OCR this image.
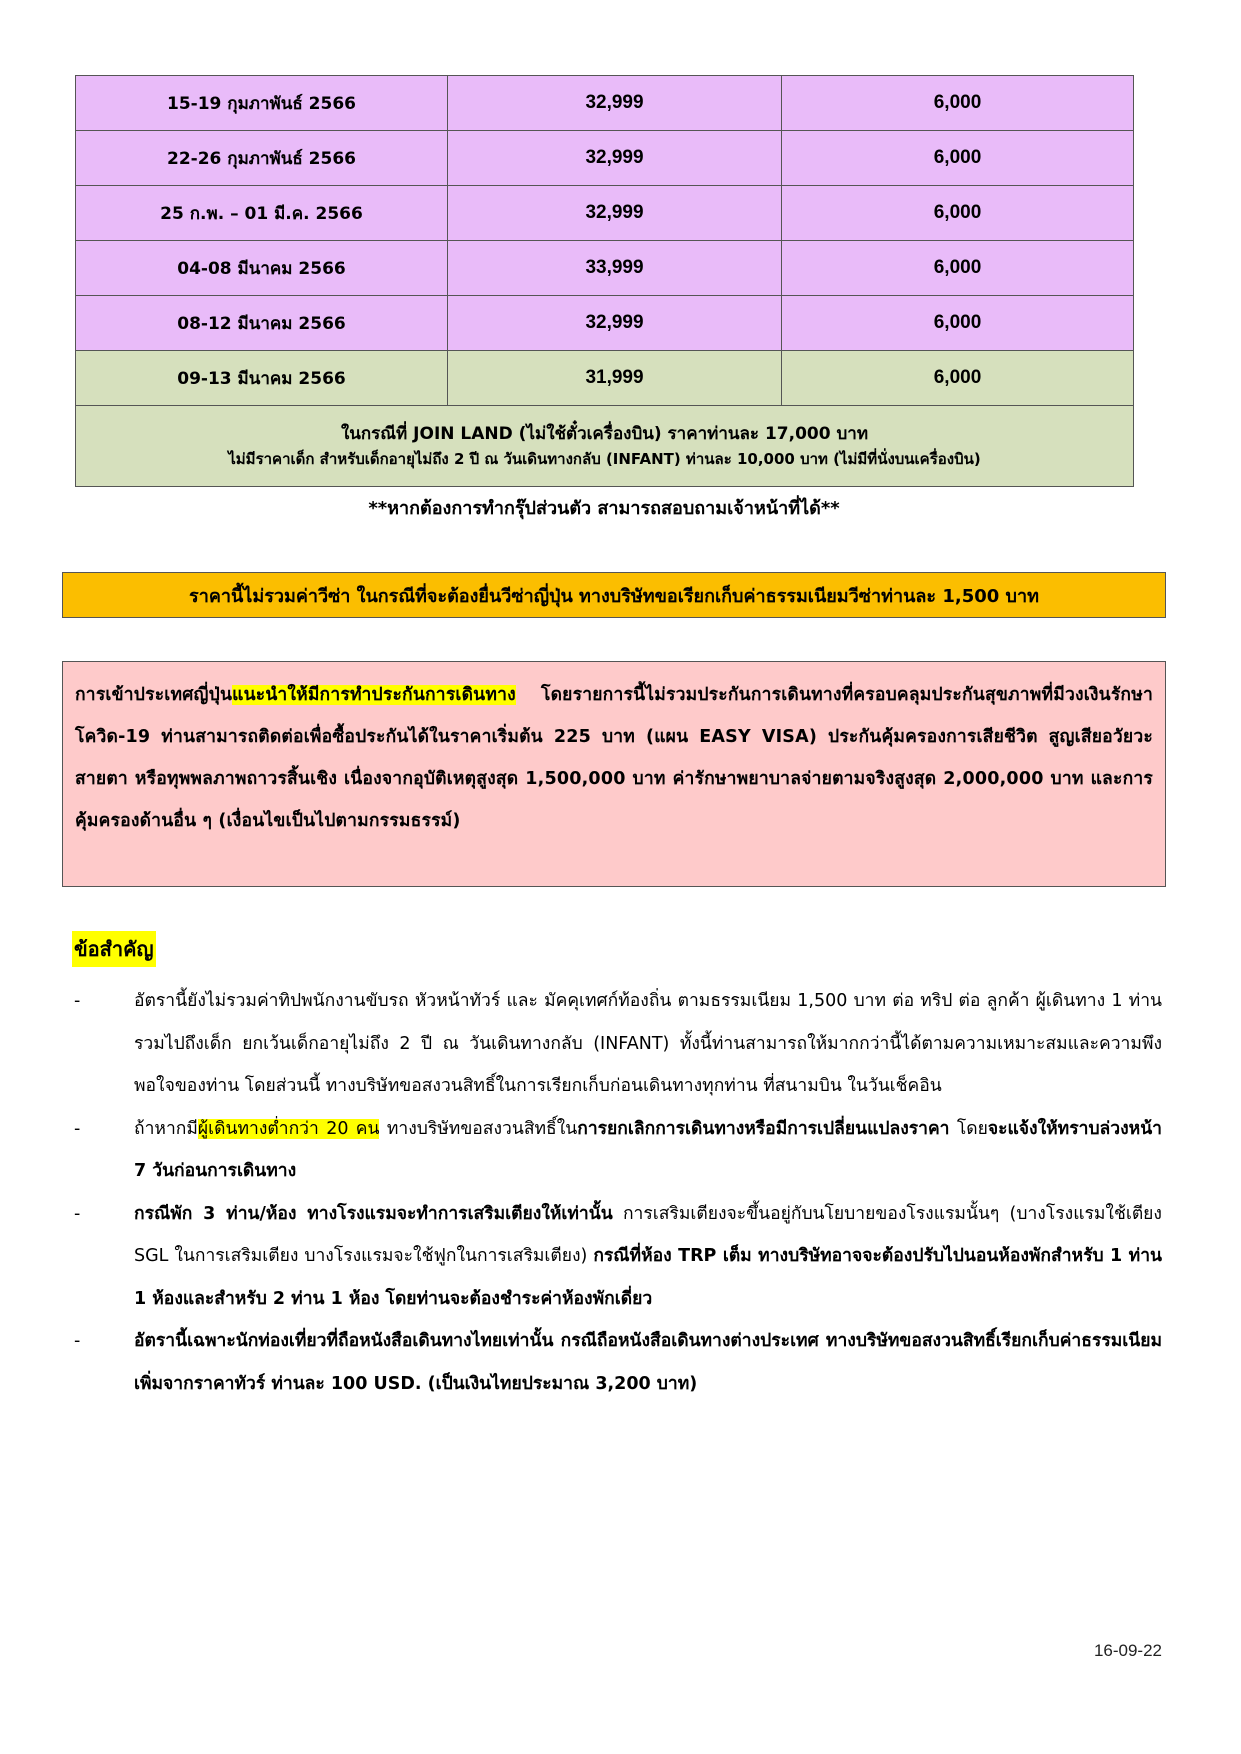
15-19 กุมภาพันธ์ 2566	32,999	6,000
22-26 กุมภาพันธ์ 2566	32,999	6,000
25 ก.พ. – 01 มี.ค. 2566	32,999	6,000
04-08 มีนาคม 2566	33,999	6,000
08-12 มีนาคม 2566	32,999	6,000
09-13 มีนาคม 2566	31,999	6,000

ในกรณีที่ JOIN LAND (ไม่ใช้ตั๋วเครื่องบิน) ราคาท่านละ 17,000 บาท
ไม่มีราคาเด็ก สำหรับเด็กอายุไม่ถึง 2 ปี ณ วันเดินทางกลับ (INFANT) ท่านละ 10,000 บาท (ไม่มีที่นั่งบนเครื่องบิน)		
**หากต้องการทำกรุ๊ปส่วนตัว สามารถสอบถามเจ้าหน้าที่ได้**
ราคานี้ไม่รวมค่าวีซ่า ในกรณีที่จะต้องยื่นวีซ่าญี่ปุ่น ทางบริษัทขอเรียกเก็บค่าธรรมเนียมวีซ่าท่านละ 1,500 บาท
การเข้าประเทศญี่ปุ่นแนะนำให้มีการทำประกันการเดินทาง โดยรายการนี้ไม่รวมประกันการเดินทางที่ครอบคลุมประกันสุขภาพที่มีวงเงินรักษาโควิด-19 ท่านสามารถติดต่อเพื่อซื้อประกันได้ในราคาเริ่มต้น 225 บาท (แผน EASY VISA) ประกันคุ้มครองการเสียชีวิต สูญเสียอวัยวะ สายตา หรือทุพพลภาพถาวรสิ้นเชิง เนื่องจากอุบัติเหตุสูงสุด 1,500,000 บาท ค่ารักษาพยาบาลจ่ายตามจริงสูงสุด 2,000,000 บาท และการคุ้มครองด้านอื่น ๆ (เงื่อนไขเป็นไปตามกรรมธรรม์)
ข้อสำคัญ
-	อัตรานี้ยังไม่รวมค่าทิปพนักงานขับรถ หัวหน้าทัวร์ และ มัคคุเทศก์ท้องถิ่น ตามธรรมเนียม 1,500 บาท ต่อ ทริป ต่อ ลูกค้า ผู้เดินทาง 1 ท่าน รวมไปถึงเด็ก ยกเว้นเด็กอายุไม่ถึง 2 ปี ณ วันเดินทางกลับ (INFANT) ทั้งนี้ท่านสามารถให้มากกว่านี้ได้ตามความเหมาะสมและความพึงพอใจของท่าน โดยส่วนนี้ ทางบริษัทขอสงวนสิทธิ์ในการเรียกเก็บก่อนเดินทางทุกท่าน ที่สนามบิน ในวันเช็คอิน
-	ถ้าหากมีผู้เดินทางต่ำกว่า 20 คน ทางบริษัทขอสงวนสิทธิ์ในการยกเลิกการเดินทางหรือมีการเปลี่ยนแปลงราคา โดยจะแจ้งให้ทราบล่วงหน้า 7 วันก่อนการเดินทาง
-	กรณีพัก 3 ท่าน/ห้อง ทางโรงแรมจะทำการเสริมเตียงให้เท่านั้น การเสริมเตียงจะขึ้นอยู่กับนโยบายของโรงแรมนั้นๆ (บางโรงแรมใช้เตียง SGL ในการเสริมเตียง บางโรงแรมจะใช้ฟูกในการเสริมเตียง) กรณีที่ห้อง TRP เต็ม ทางบริษัทอาจจะต้องปรับไปนอนห้องพักสำหรับ 1 ท่าน 1 ห้องและสำหรับ 2 ท่าน 1 ห้อง โดยท่านจะต้องชำระค่าห้องพักเดี่ยว
-	อัตรานี้เฉพาะนักท่องเที่ยวที่ถือหนังสือเดินทางไทยเท่านั้น กรณีถือหนังสือเดินทางต่างประเทศ ทางบริษัทขอสงวนสิทธิ์เรียกเก็บค่าธรรมเนียมเพิ่มจากราคาทัวร์ ท่านละ 100 USD. (เป็นเงินไทยประมาณ 3,200 บาท)
16-09-22
